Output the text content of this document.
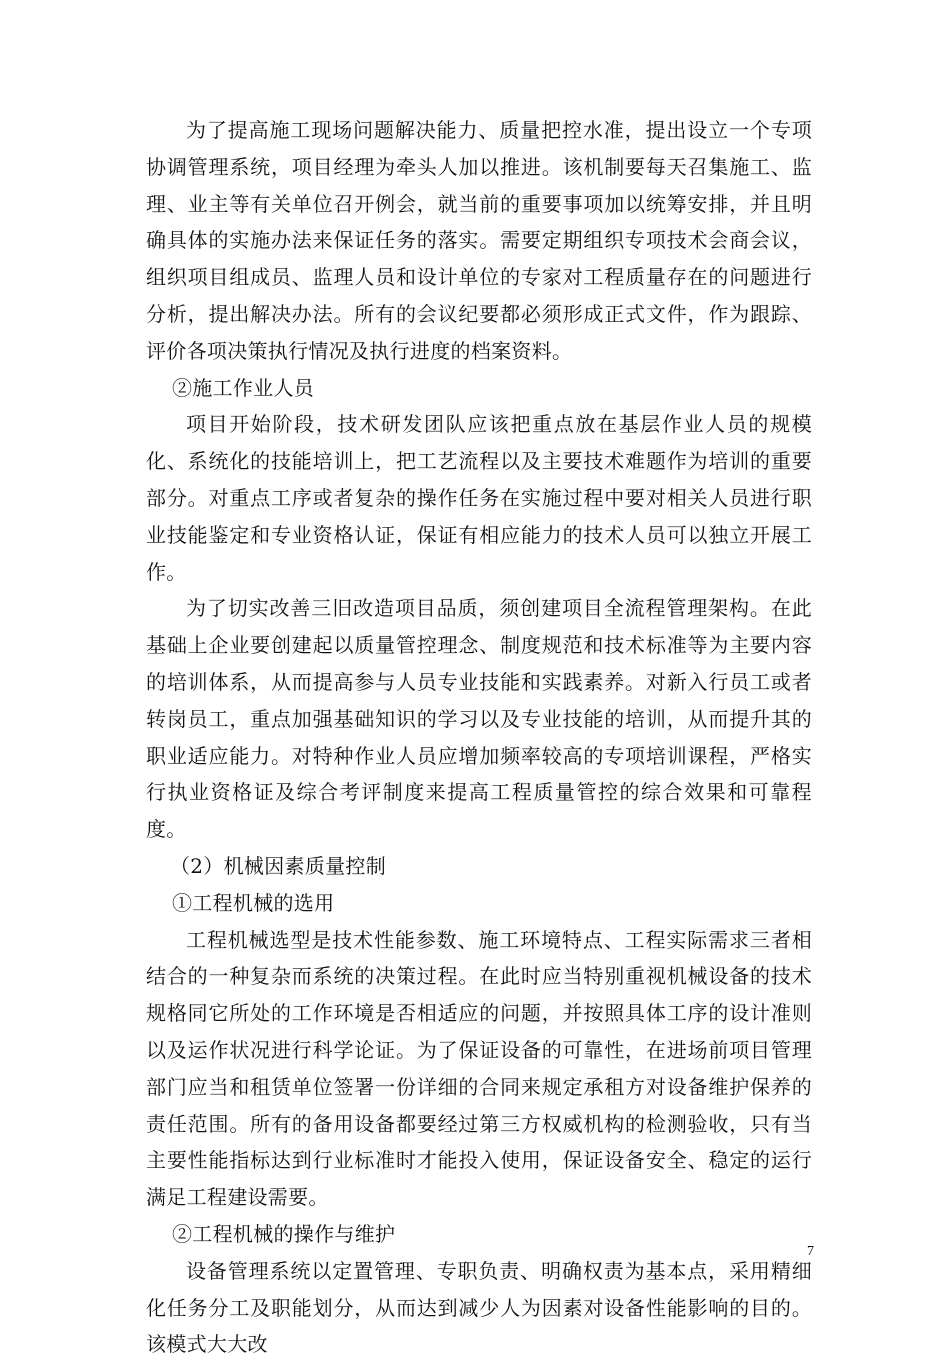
为了提高施工现场问题解决能力、质量把控水准，提出设立一个专项协调管理系统，项目经理为牵头人加以推进。该机制要每天召集施工、监理、业主等有关单位召开例会，就当前的重要事项加以统筹安排，并且明确具体的实施办法来保证任务的落实。需要定期组织专项技术会商会议，组织项目组成员、监理人员和设计单位的专家对工程质量存在的问题进行分析，提出解决办法。所有的会议纪要都必须形成正式文件，作为跟踪、评价各项决策执行情况及执行进度的档案资料。

②施工作业人员

项目开始阶段，技术研发团队应该把重点放在基层作业人员的规模化、系统化的技能培训上，把工艺流程以及主要技术难题作为培训的重要部分。对重点工序或者复杂的操作任务在实施过程中要对相关人员进行职业技能鉴定和专业资格认证，保证有相应能力的技术人员可以独立开展工作。

为了切实改善三旧改造项目品质，须创建项目全流程管理架构。在此基础上企业要创建起以质量管控理念、制度规范和技术标准等为主要内容的培训体系，从而提高参与人员专业技能和实践素养。对新入行员工或者转岗员工，重点加强基础知识的学习以及专业技能的培训，从而提升其的职业适应能力。对特种作业人员应增加频率较高的专项培训课程，严格实行执业资格证及综合考评制度来提高工程质量管控的综合效果和可靠程度。

（2）机械因素质量控制

①工程机械的选用

工程机械选型是技术性能参数、施工环境特点、工程实际需求三者相结合的一种复杂而系统的决策过程。在此时应当特别重视机械设备的技术规格同它所处的工作环境是否相适应的问题，并按照具体工序的设计准则以及运作状况进行科学论证。为了保证设备的可靠性，在进场前项目管理部门应当和租赁单位签署一份详细的合同来规定承租方对设备维护保养的责任范围。所有的备用设备都要经过第三方权威机构的检测验收，只有当主要性能指标达到行业标准时才能投入使用，保证设备安全、稳定的运行满足工程建设需要。

②工程机械的操作与维护

设备管理系统以定置管理、专职负责、明确权责为基本点，采用精细化任务分工及职能划分，从而达到减少人为因素对设备性能影响的目的。该模式大大改

7
